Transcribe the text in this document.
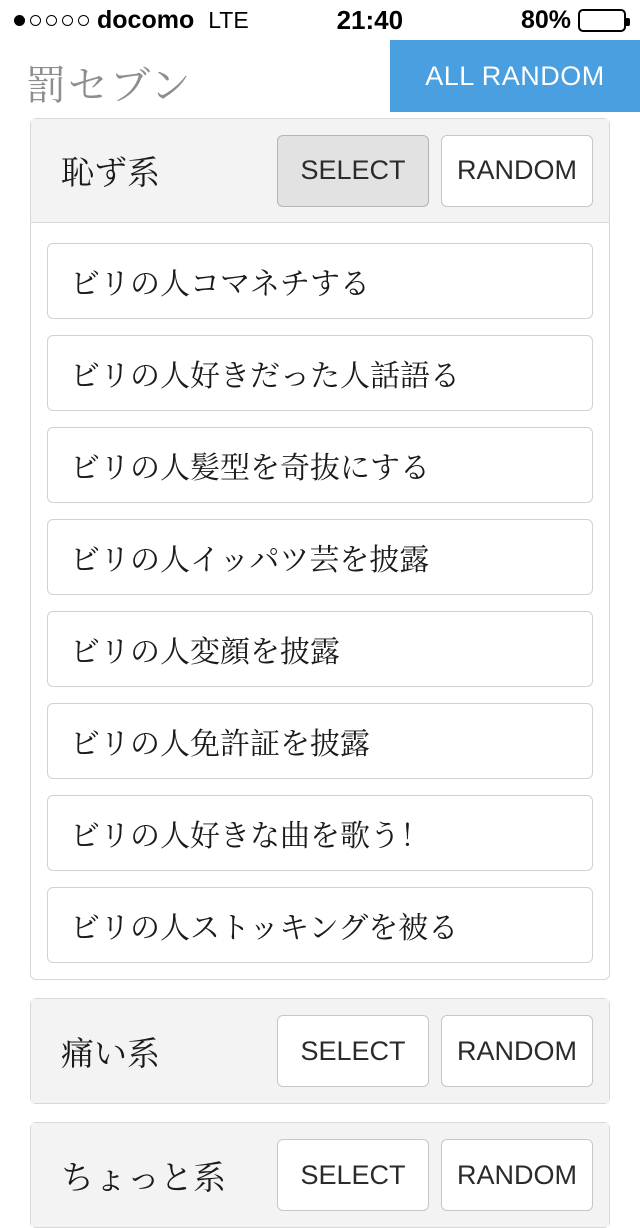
docomo LTE	21:40	80%
罰セブン	ALL RANDOM
恥ず系	SELECT	RANDOM
ビリの人コマネチする
ビリの人好きだった人話語る
ビリの人髪型を奇抜にする
ビリの人イッパツ芸を披露
ビリの人変顔を披露
ビリの人免許証を披露
ビリの人好きな曲を歌う！
ビリの人ストッキングを被る
痛い系	SELECT	RANDOM
ちょっと系	SELECT	RANDOM
